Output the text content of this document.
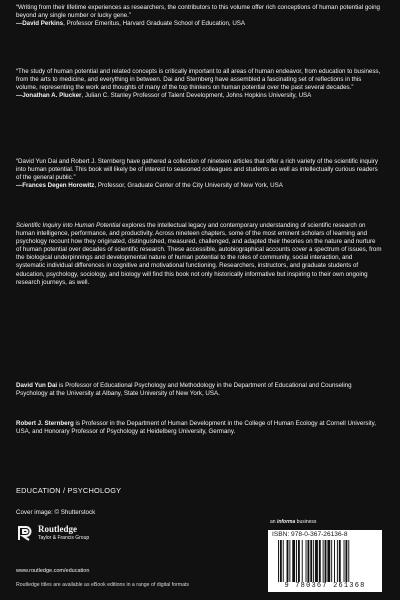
“Writing from their lifetime experiences as researchers, the contributors to this volume offer rich conceptions of human potential going beyond any single number or lucky gene.”

—David Perkins, Professor Emeritus, Harvard Graduate School of Education, USA

“The study of human potential and related concepts is critically important to all areas of human endeavor, from education to business, from the arts to medicine, and everything in between. Dai and Sternberg have assembled a fascinating set of reflections in this volume, representing the work and thoughts of many of the top thinkers on human potential over the past several decades.”

—Jonathan A. Plucker, Julian C. Stanley Professor of Talent Development, Johns Hopkins University, USA

“David Yun Dai and Robert J. Sternberg have gathered a collection of nineteen articles that offer a rich variety of the scientific inquiry into human potential. This book will likely be of interest to seasoned colleagues and students as well as intellectually curious readers of the general public.”

—Frances Degen Horowitz, Professor, Graduate Center of the City University of New York, USA

Scientific Inquiry into Human Potential explores the intellectual legacy and contemporary understanding of scientific research on human intelligence, performance, and productivity. Across nineteen chapters, some of the most eminent scholars of learning and psychology recount how they originated, distinguished, measured, challenged, and adapted their theories on the nature and nurture of human potential over decades of scientific research. These accessible, autobiographical accounts cover a spectrum of issues, from the biological underpinnings and developmental nature of human potential to the roles of community, social interaction, and systematic individual differences in cognitive and motivational functioning. Researchers, instructors, and graduate students of education, psychology, sociology, and biology will find this book not only historically informative but inspiring to their own ongoing research journeys, as well.

David Yun Dai is Professor of Educational Psychology and Methodology in the Department of Educational and Counseling Psychology at the University at Albany, State University of New York, USA.

Robert J. Sternberg is Professor in the Department of Human Development in the College of Human Ecology at Cornell University, USA, and Honorary Professor of Psychology at Heidelberg University, Germany.

EDUCATION / PSYCHOLOGY
Cover image: © Shutterstock
Routledge
Taylor & Francis Group
www.routledge.com/education
Routledge titles are available as eBook editions in a range of digital formats
an informa business
ISBN: 978-0-367-26136-8
9 780367 261368
